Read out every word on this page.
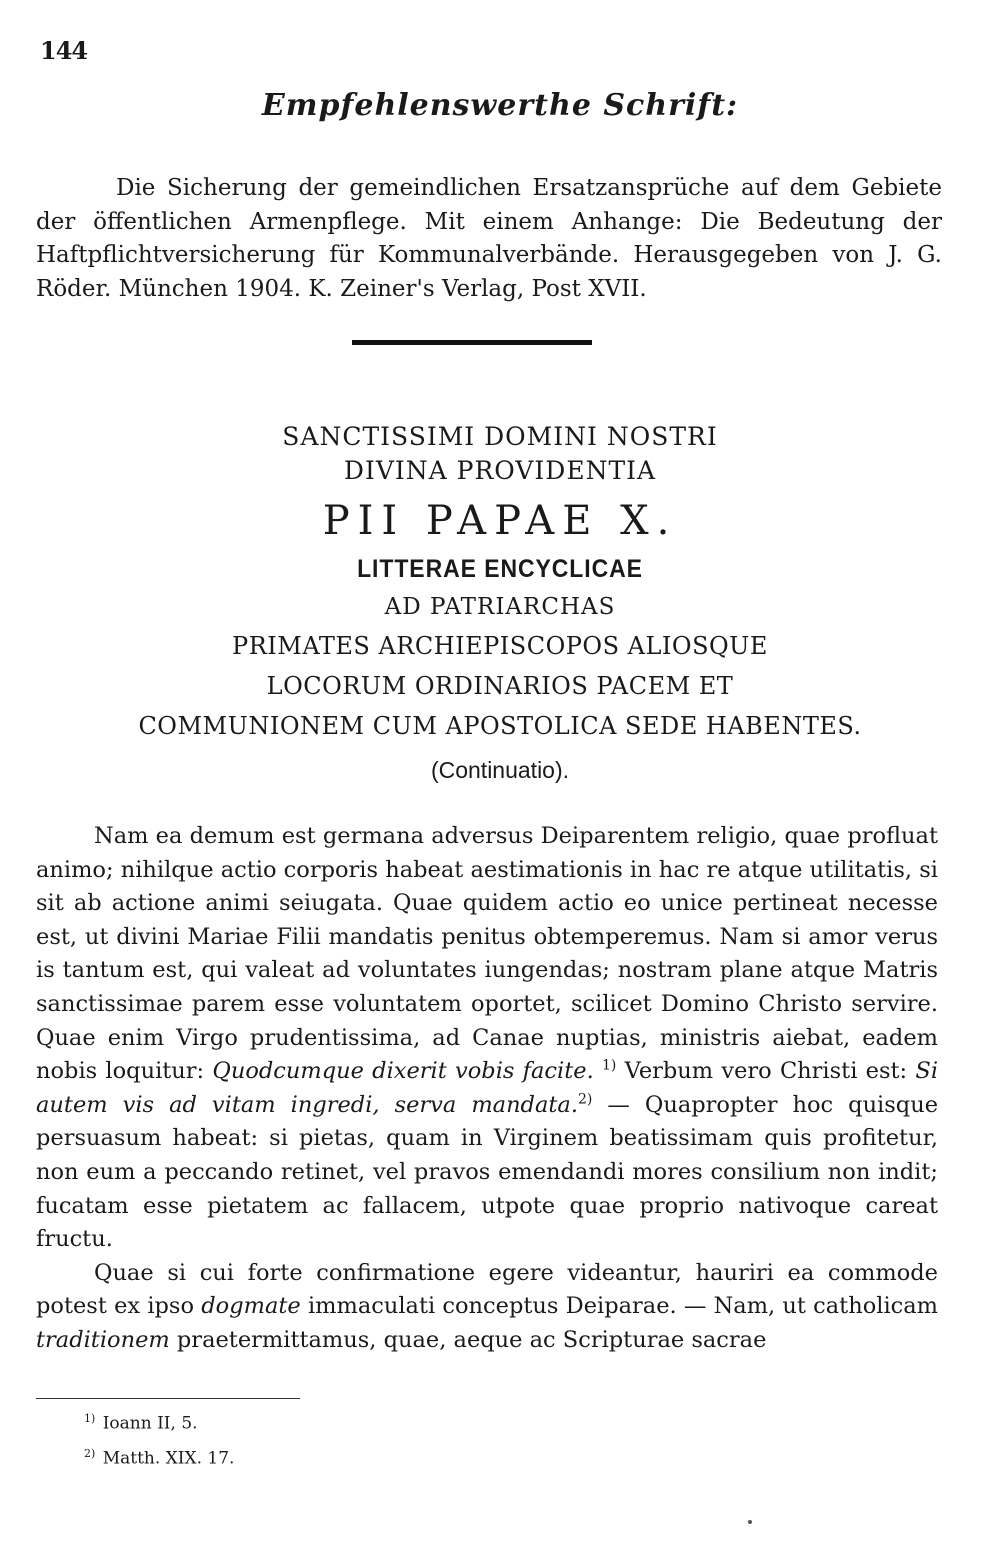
144
Empfehlenswerthe Schrift:

Die Sicherung der gemeindlichen Ersatzansprüche auf dem Gebiete der öffentlichen Armenpflege. Mit einem Anhange: Die Bedeutung der Haftpflichtversicherung für Kommunalverbände. Herausgegeben von J. G. Röder. München 1904. K. Zeiner's Verlag, Post XVII.

SANCTISSIMI DOMINI NOSTRI
DIVINA PROVIDENTIA
PII PAPAE X.
LITTERAE ENCYCLICAE
AD PATRIARCHAS
PRIMATES ARCHIEPISCOPOS ALIOSQUE
LOCORUM ORDINARIOS PACEM ET
COMMUNIONEM CUM APOSTOLICA SEDE HABENTES.
(Continuatio).

Nam ea demum est germana adversus Deiparentem religio, quae profluat animo; nihilque actio corporis habeat aestimationis in hac re atque utilitatis, si sit ab actione animi seiugata. Quae quidem actio eo unice pertineat necesse est, ut divini Mariae Filii mandatis penitus obtemperemus. Nam si amor verus is tantum est, qui valeat ad voluntates iungendas; nostram plane atque Matris sanctissimae parem esse voluntatem oportet, scilicet Domino Christo servire. Quae enim Virgo prudentissima, ad Canae nuptias, ministris aiebat, eadem nobis loquitur: Quodcumque dixerit vobis facite. $^{1)}$ Verbum vero Christi est: Si autem vis ad vitam ingredi, serva mandata.$^{2)}$ — Quapropter hoc quisque persuasum habeat: si pietas, quam in Virginem beatissimam quis profitetur, non eum a peccando retinet, vel pravos emendandi mores consilium non indit; fucatam esse pietatem ac fallacem, utpote quae proprio nativoque careat fructu.

Quae si cui forte confirmatione egere videantur, hauriri ea commode potest ex ipso dogmate immaculati conceptus Deiparae. — Nam, ut catholicam traditionem praetermittamus, quae, aeque ac Scripturae sacrae

$^{1)}$ Ioann II, 5.
$^{2)}$ Matth. XIX. 17.
